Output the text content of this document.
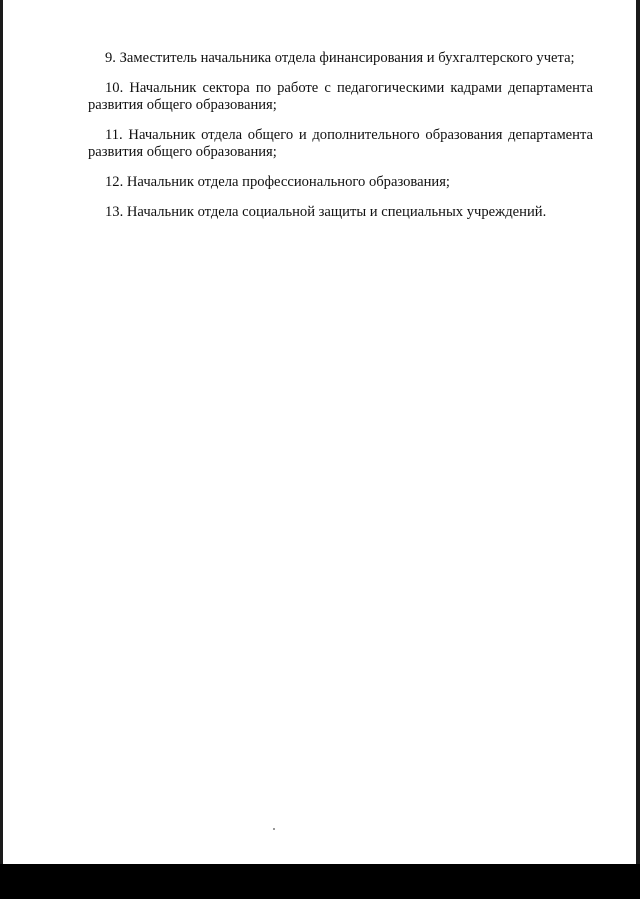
9. Заместитель начальника отдела финансирования и бухгалтерского учета;

10. Начальник сектора по работе с педагогическими кадрами департамента развития общего образования;

11. Начальник отдела общего и дополнительного образования департамента развития общего образования;

12. Начальник отдела профессионального образования;

13. Начальник отдела социальной защиты и специальных учреждений.
